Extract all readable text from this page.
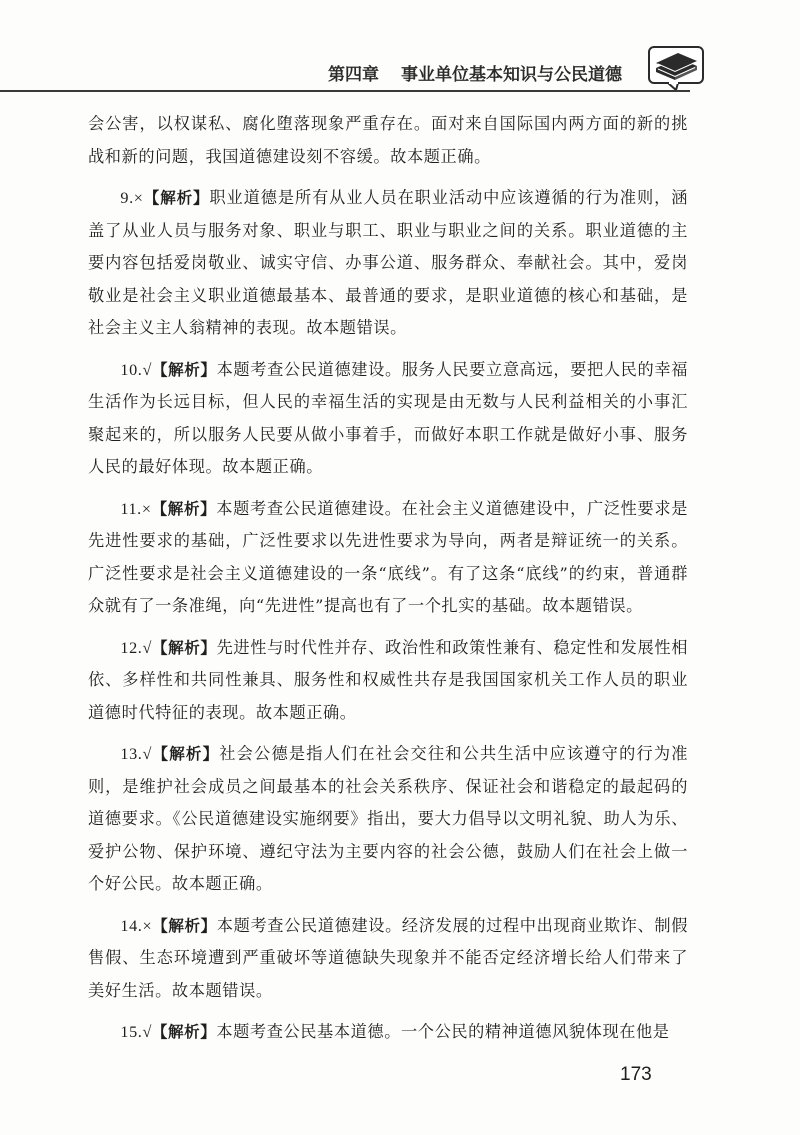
第四章 事业单位基本知识与公民道德

会公害，以权谋私、腐化堕落现象严重存在。面对来自国际国内两方面的新的挑战和新的问题，我国道德建设刻不容缓。故本题正确。

9.×【解析】职业道德是所有从业人员在职业活动中应该遵循的行为准则，涵盖了从业人员与服务对象、职业与职工、职业与职业之间的关系。职业道德的主要内容包括爱岗敬业、诚实守信、办事公道、服务群众、奉献社会。其中，爱岗敬业是社会主义职业道德最基本、最普通的要求，是职业道德的核心和基础，是社会主义主人翁精神的表现。故本题错误。

10.√【解析】本题考查公民道德建设。服务人民要立意高远，要把人民的幸福生活作为长远目标，但人民的幸福生活的实现是由无数与人民利益相关的小事汇聚起来的，所以服务人民要从做小事着手，而做好本职工作就是做好小事、服务人民的最好体现。故本题正确。

11.×【解析】本题考查公民道德建设。在社会主义道德建设中，广泛性要求是先进性要求的基础，广泛性要求以先进性要求为导向，两者是辩证统一的关系。广泛性要求是社会主义道德建设的一条“底线”。有了这条“底线”的约束，普通群众就有了一条准绳，向“先进性”提高也有了一个扎实的基础。故本题错误。

12.√【解析】先进性与时代性并存、政治性和政策性兼有、稳定性和发展性相依、多样性和共同性兼具、服务性和权威性共存是我国国家机关工作人员的职业道德时代特征的表现。故本题正确。

13.√【解析】社会公德是指人们在社会交往和公共生活中应该遵守的行为准则，是维护社会成员之间最基本的社会关系秩序、保证社会和谐稳定的最起码的道德要求。《公民道德建设实施纲要》指出，要大力倡导以文明礼貌、助人为乐、爱护公物、保护环境、遵纪守法为主要内容的社会公德，鼓励人们在社会上做一个好公民。故本题正确。

14.×【解析】本题考查公民道德建设。经济发展的过程中出现商业欺诈、制假售假、生态环境遭到严重破坏等道德缺失现象并不能否定经济增长给人们带来了美好生活。故本题错误。

15.√【解析】本题考查公民基本道德。一个公民的精神道德风貌体现在他是

173
